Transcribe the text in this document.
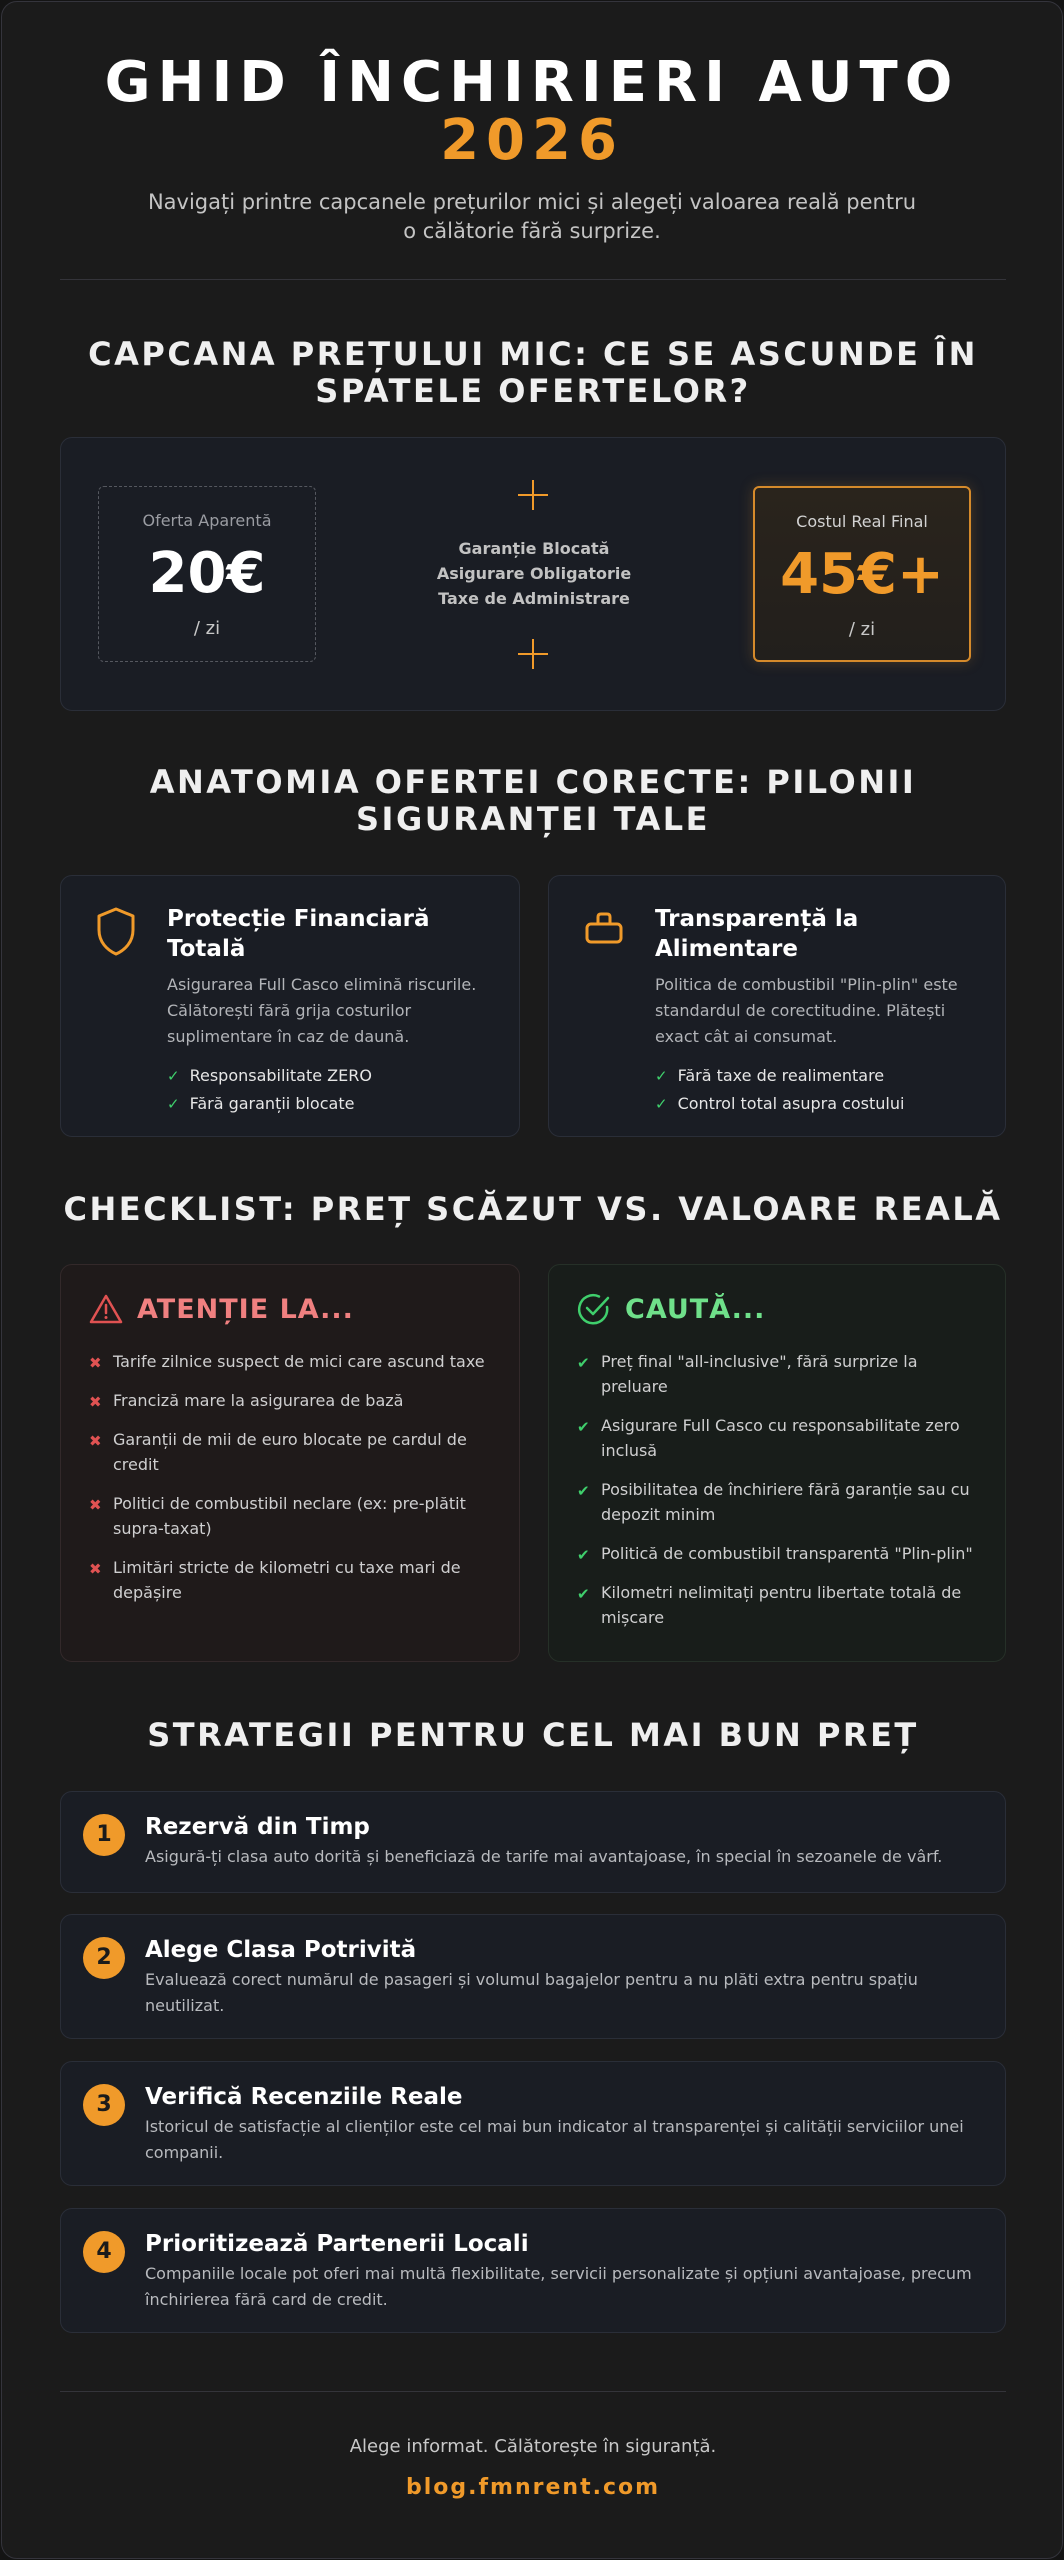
GHID ÎNCHIRIERI AUTO
2026
Navigați printre capcanele prețurilor mici și alegeți valoarea reală pentru o călătorie fără surprize.
CAPCANA PREȚULUI MIC: CE SE ASCUNDE ÎN SPATELE OFERTELOR?
Oferta Aparentă
20€
/ zi
Garanție Blocată
Asigurare Obligatorie
Taxe de Administrare
Costul Real Final
45€+
/ zi
ANATOMIA OFERTEI CORECTE: PILONII SIGURANȚEI TALE
Protecție Financiară Totală
Asigurarea Full Casco elimină riscurile. Călătorești fără grija costurilor suplimentare în caz de daună.
✓ Responsabilitate ZERO
✓ Fără garanții blocate
Transparență la Alimentare
Politica de combustibil "Plin-plin" este standardul de corectitudine. Plătești exact cât ai consumat.
✓ Fără taxe de realimentare
✓ Control total asupra costului
CHECKLIST: PREȚ SCĂZUT VS. VALOARE REALĂ
ATENȚIE LA...
✖ Tarife zilnice suspect de mici care ascund taxe
✖ Franciză mare la asigurarea de bază
✖ Garanții de mii de euro blocate pe cardul de credit
✖ Politici de combustibil neclare (ex: pre-plătit supra-taxat)
✖ Limitări stricte de kilometri cu taxe mari de depășire
CAUTĂ...
✔ Preț final "all-inclusive", fără surprize la preluare
✔ Asigurare Full Casco cu responsabilitate zero inclusă
✔ Posibilitatea de închiriere fără garanție sau cu depozit minim
✔ Politică de combustibil transparentă "Plin-plin"
✔ Kilometri nelimitați pentru libertate totală de mișcare
STRATEGII PENTRU CEL MAI BUN PREȚ
1	Rezervă din Timp
Asigură-ți clasa auto dorită și beneficiază de tarife mai avantajoase, în special în sezoanele de vârf.
2	Alege Clasa Potrivită
Evaluează corect numărul de pasageri și volumul bagajelor pentru a nu plăti extra pentru spațiu neutilizat.
3	Verifică Recenziile Reale
Istoricul de satisfacție al clienților este cel mai bun indicator al transparenței și calității serviciilor unei companii.
4	Prioritizează Partenerii Locali
Companiile locale pot oferi mai multă flexibilitate, servicii personalizate și opțiuni avantajoase, precum închirierea fără card de credit.
Alege informat. Călătorește în siguranță.
blog.fmnrent.com
